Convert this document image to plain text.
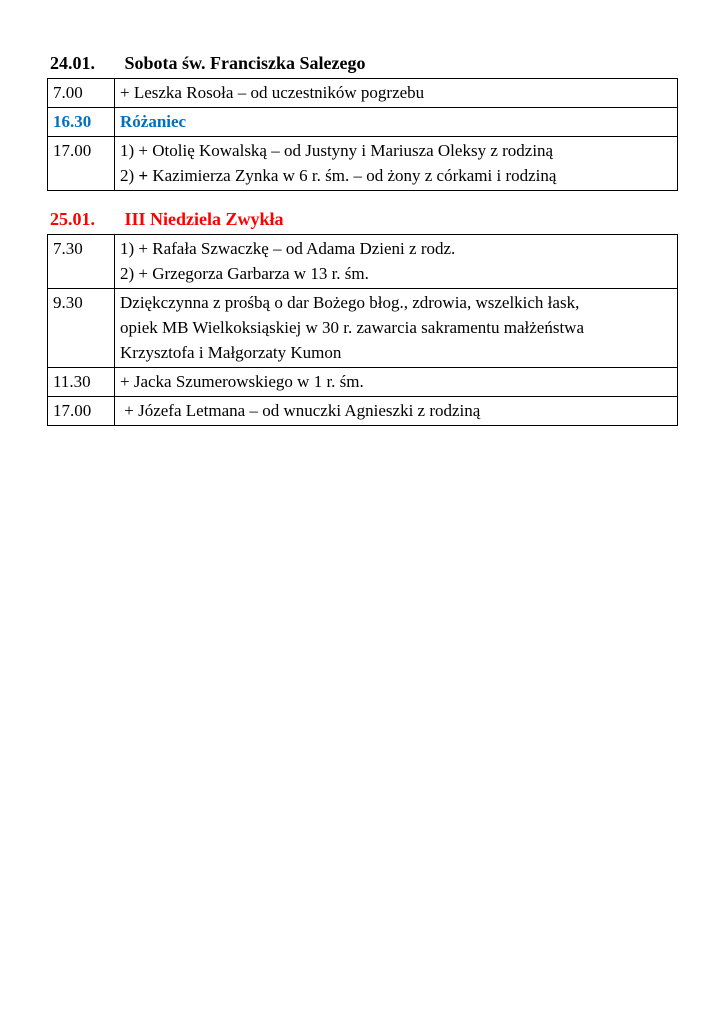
24.01. Sobota św. Franciszka Salezego
7.00	+ Leszka Rosoła – od uczestników pogrzebu

16.30	Różaniec

17.00	1) + Otolię Kowalską – od Justyny i Mariusza Oleksy z rodziną
2) + Kazimierza Zynka w 6 r. śm. – od żony z córkami i rodziną
25.01. III Niedziela Zwykła
7.30	1) + Rafała Szwaczkę – od Adama Dzieni z rodz.
2) + Grzegorza Garbarza w 13 r. śm.

9.30	Dziękczynna z prośbą o dar Bożego błog., zdrowia, wszelkich łask,
opiek MB Wielkoksiąskiej w 30 r. zawarcia sakramentu małżeństwa
Krzysztofa i Małgorzaty Kumon

11.30	+ Jacka Szumerowskiego w 1 r. śm.

17.00	+ Józefa Letmana – od wnuczki Agnieszki z rodziną
